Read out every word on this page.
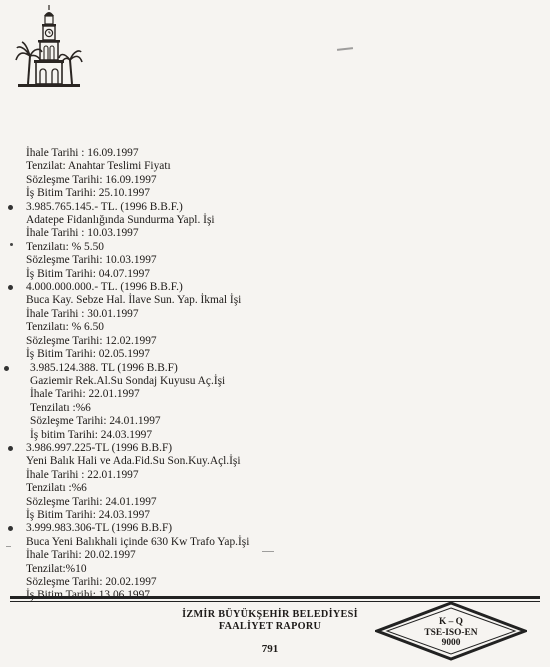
İhale Tarihi : 16.09.1997
Tenzilat: Anahtar Teslimi Fiyatı
Sözleşme Tarihi: 16.09.1997
İş Bitim Tarihi: 25.10.1997
3.985.765.145.- TL. (1996 B.B.F.)
Adatepe Fidanlığında Sundurma Yapl. İşi
İhale Tarihi : 10.03.1997
Tenzilatı: % 5.50
Sözleşme Tarihi: 10.03.1997
İş Bitim Tarihi: 04.07.1997
4.000.000.000.- TL. (1996 B.B.F.)
Buca Kay. Sebze Hal. İlave Sun. Yap. İkmal İşi
İhale Tarihi : 30.01.1997
Tenzilatı: % 6.50
Sözleşme Tarihi: 12.02.1997
İş Bitim Tarihi: 02.05.1997
3.985.124.388. TL (1996 B.B.F)
Gaziemir Rek.Al.Su Sondaj Kuyusu Aç.İşi
İhale Tarihi: 22.01.1997
Tenzilatı :%6
Sözleşme Tarihi: 24.01.1997
İş bitim Tarihi: 24.03.1997
3.986.997.225-TL (1996 B.B.F)
Yeni Balık Hali ve Ada.Fid.Su Son.Kuy.Açl.İşi
İhale Tarihi : 22.01.1997
Tenzilatı :%6
Sözleşme Tarihi: 24.01.1997
İş Bitim Tarihi: 24.03.1997
3.999.983.306-TL (1996 B.B.F)
Buca Yeni Balıkhali içinde 630 Kw Trafo Yap.İşi
İhale Tarihi: 20.02.1997
Tenzilat:%10
Sözleşme Tarihi: 20.02.1997
İZMİR BÜYÜKŞEHİR BELEDİYESİ
FAALİYET RAPORU
791
K – Q
TSE-ISO-EN
9000
